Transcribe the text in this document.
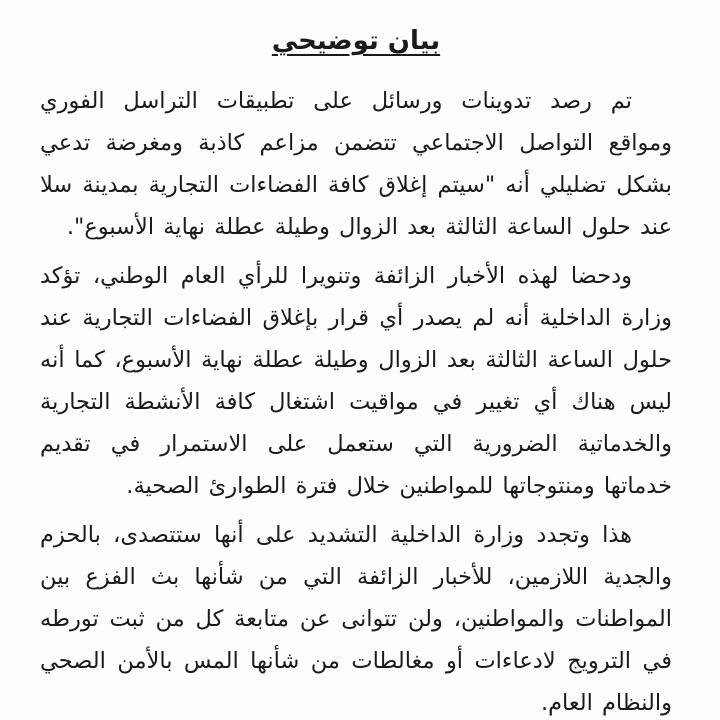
بيان توضيحي

تم رصد تدوينات ورسائل على تطبيقات التراسل الفوري ومواقع التواصل الاجتماعي تتضمن مزاعم كاذبة ومغرضة تدعي بشكل تضليلي أنه "سيتم إغلاق كافة الفضاءات التجارية بمدينة سلا عند حلول الساعة الثالثة بعد الزوال وطيلة عطلة نهاية الأسبوع".

ودحضا لهذه الأخبار الزائفة وتنويرا للرأي العام الوطني، تؤكد وزارة الداخلية أنه لم يصدر أي قرار بإغلاق الفضاءات التجارية عند حلول الساعة الثالثة بعد الزوال وطيلة عطلة نهاية الأسبوع، كما أنه ليس هناك أي تغيير في مواقيت اشتغال كافة الأنشطة التجارية والخدماتية الضرورية التي ستعمل على الاستمرار في تقديم خدماتها ومنتوجاتها للمواطنين خلال فترة الطوارئ الصحية.

هذا وتجدد وزارة الداخلية التشديد على أنها ستتصدى، بالحزم والجدية اللازمين، للأخبار الزائفة التي من شأنها بث الفزع بين المواطنات والمواطنين، ولن تتوانى عن متابعة كل من ثبت تورطه في الترويج لادعاءات أو مغالطات من شأنها المس بالأمن الصحي والنظام العام.
